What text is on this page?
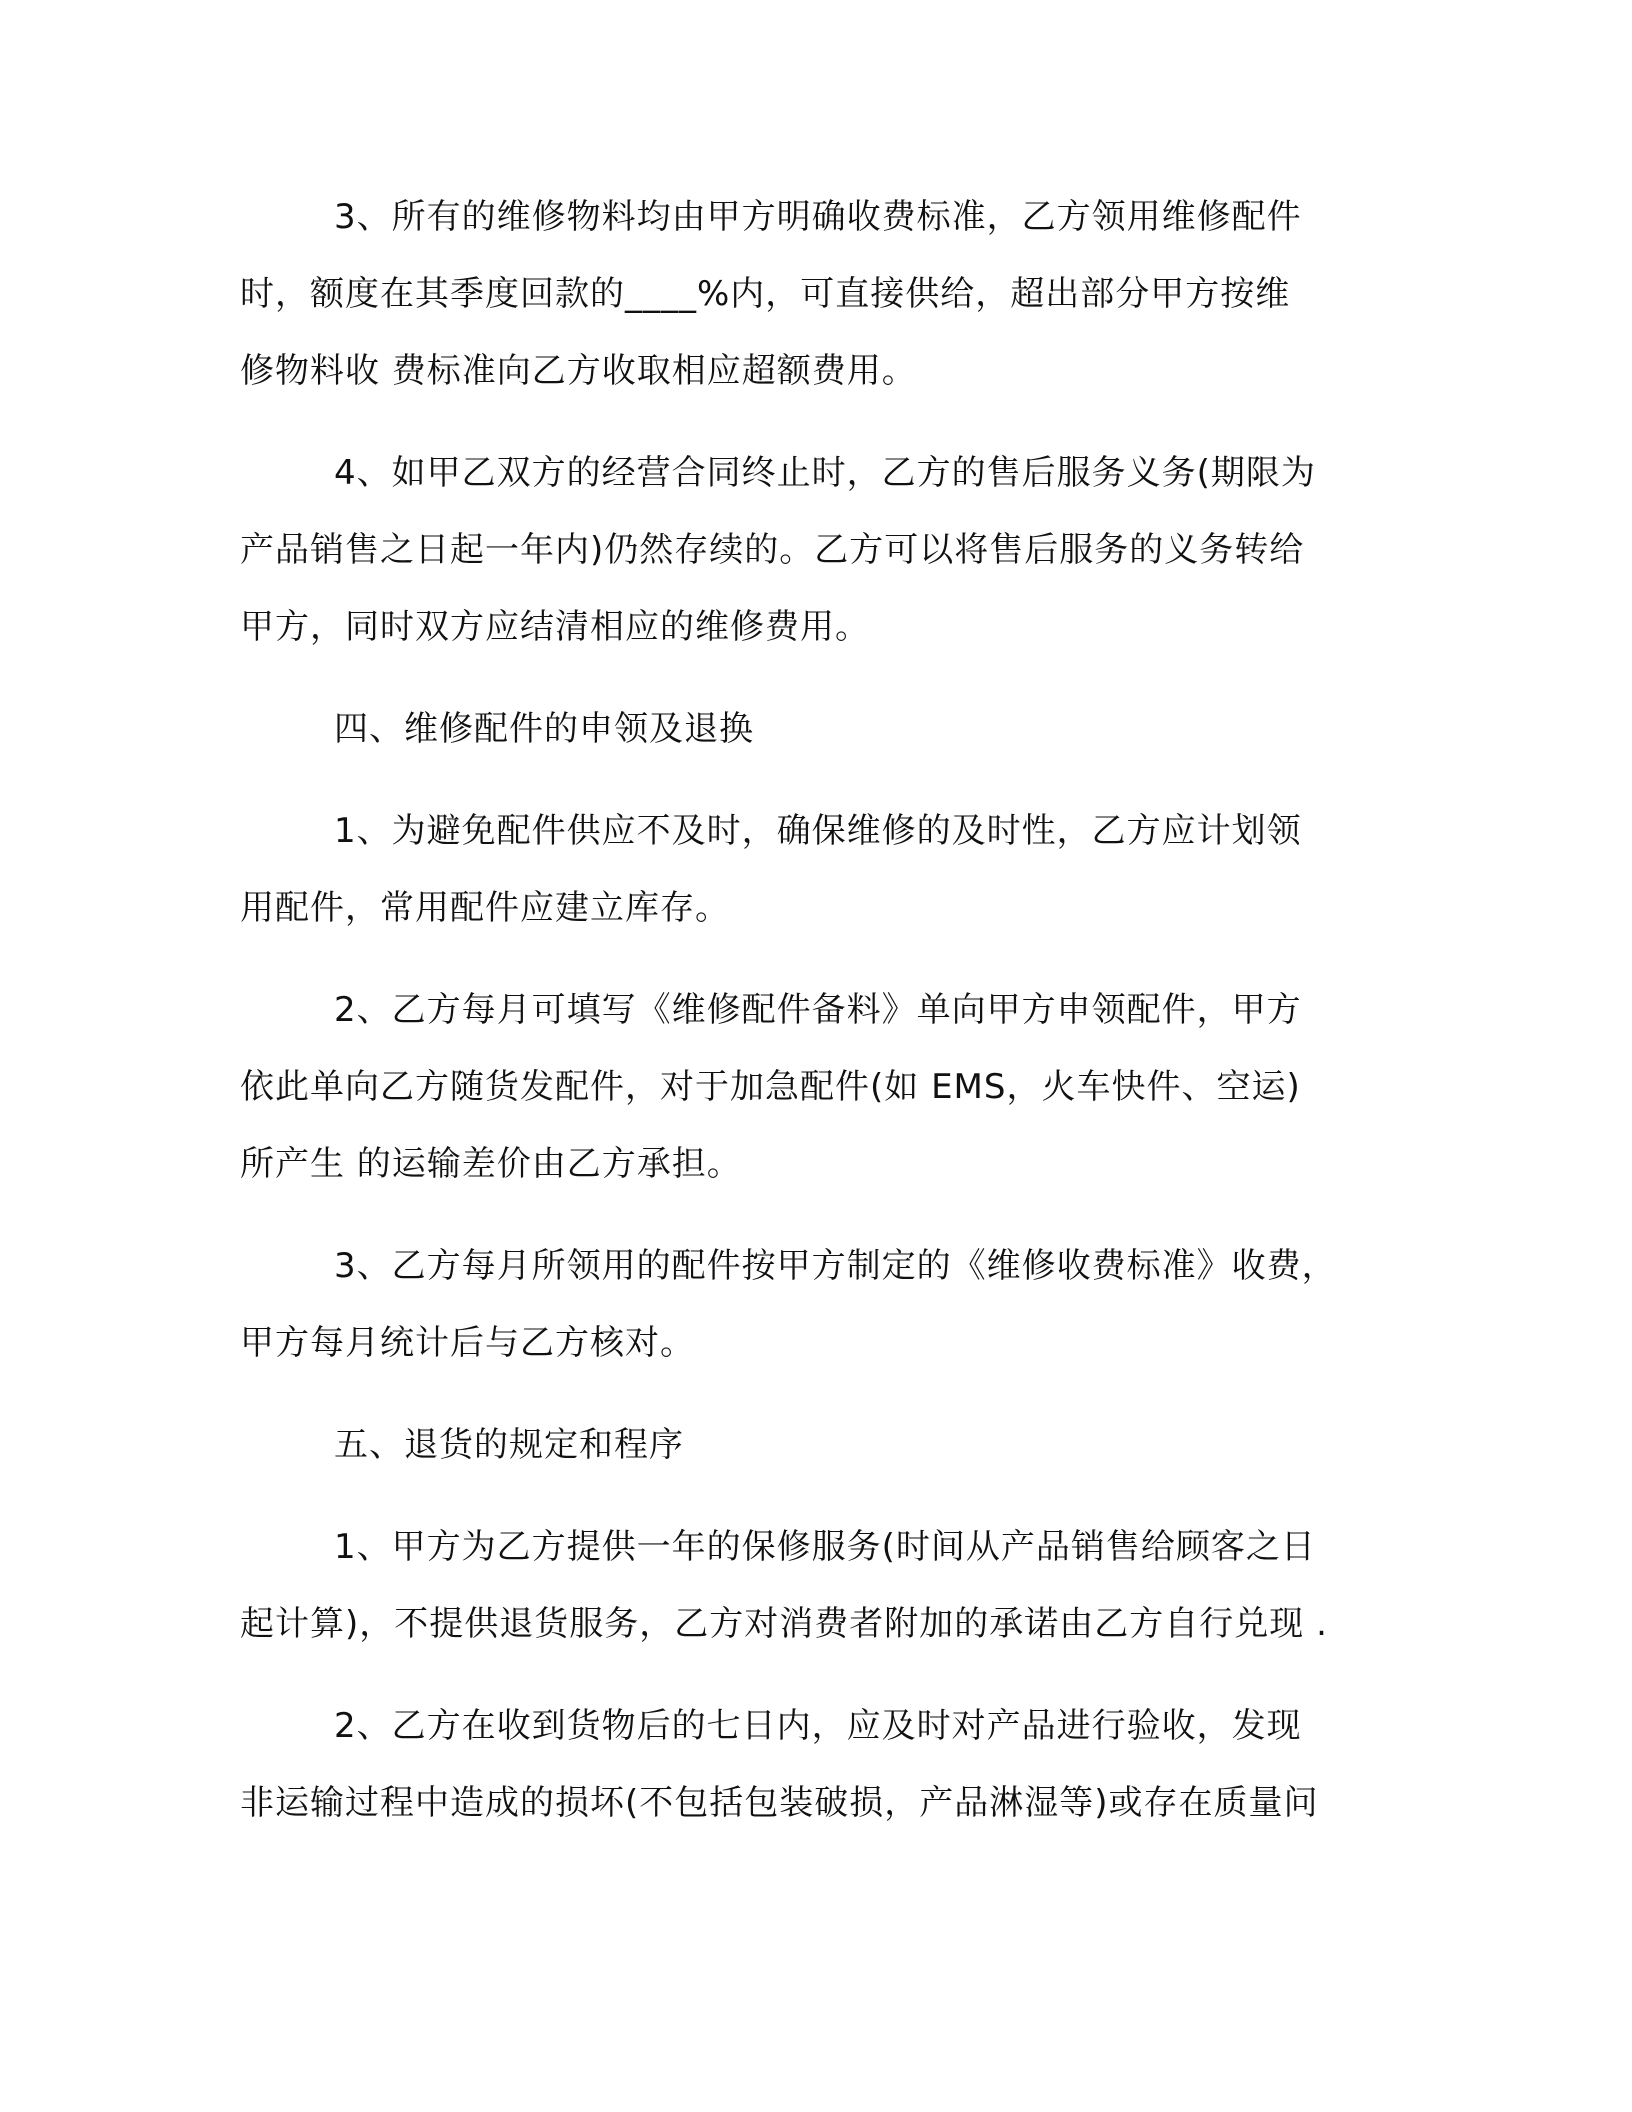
3、所有的维修物料均由甲方明确收费标准，乙方领用维修配件

时，额度在其季度回款的____%内，可直接供给，超出部分甲方按维

修物料收 费标准向乙方收取相应超额费用。

4、如甲乙双方的经营合同终止时，乙方的售后服务义务(期限为

产品销售之日起一年内)仍然存续的。乙方可以将售后服务的义务转给

甲方，同时双方应结清相应的维修费用。

四、维修配件的申领及退换

1、为避免配件供应不及时，确保维修的及时性，乙方应计划领

用配件，常用配件应建立库存。

2、乙方每月可填写《维修配件备料》单向甲方申领配件，甲方

依此单向乙方随货发配件，对于加急配件(如 EMS，火车快件、空运)

所产生 的运输差价由乙方承担。

3、乙方每月所领用的配件按甲方制定的《维修收费标准》收费，

甲方每月统计后与乙方核对。

五、退货的规定和程序

1、甲方为乙方提供一年的保修服务(时间从产品销售给顾客之日

起计算)，不提供退货服务，乙方对消费者附加的承诺由乙方自行兑现 .

2、乙方在收到货物后的七日内，应及时对产品进行验收，发现

非运输过程中造成的损坏(不包括包装破损，产品淋湿等)或存在质量问
